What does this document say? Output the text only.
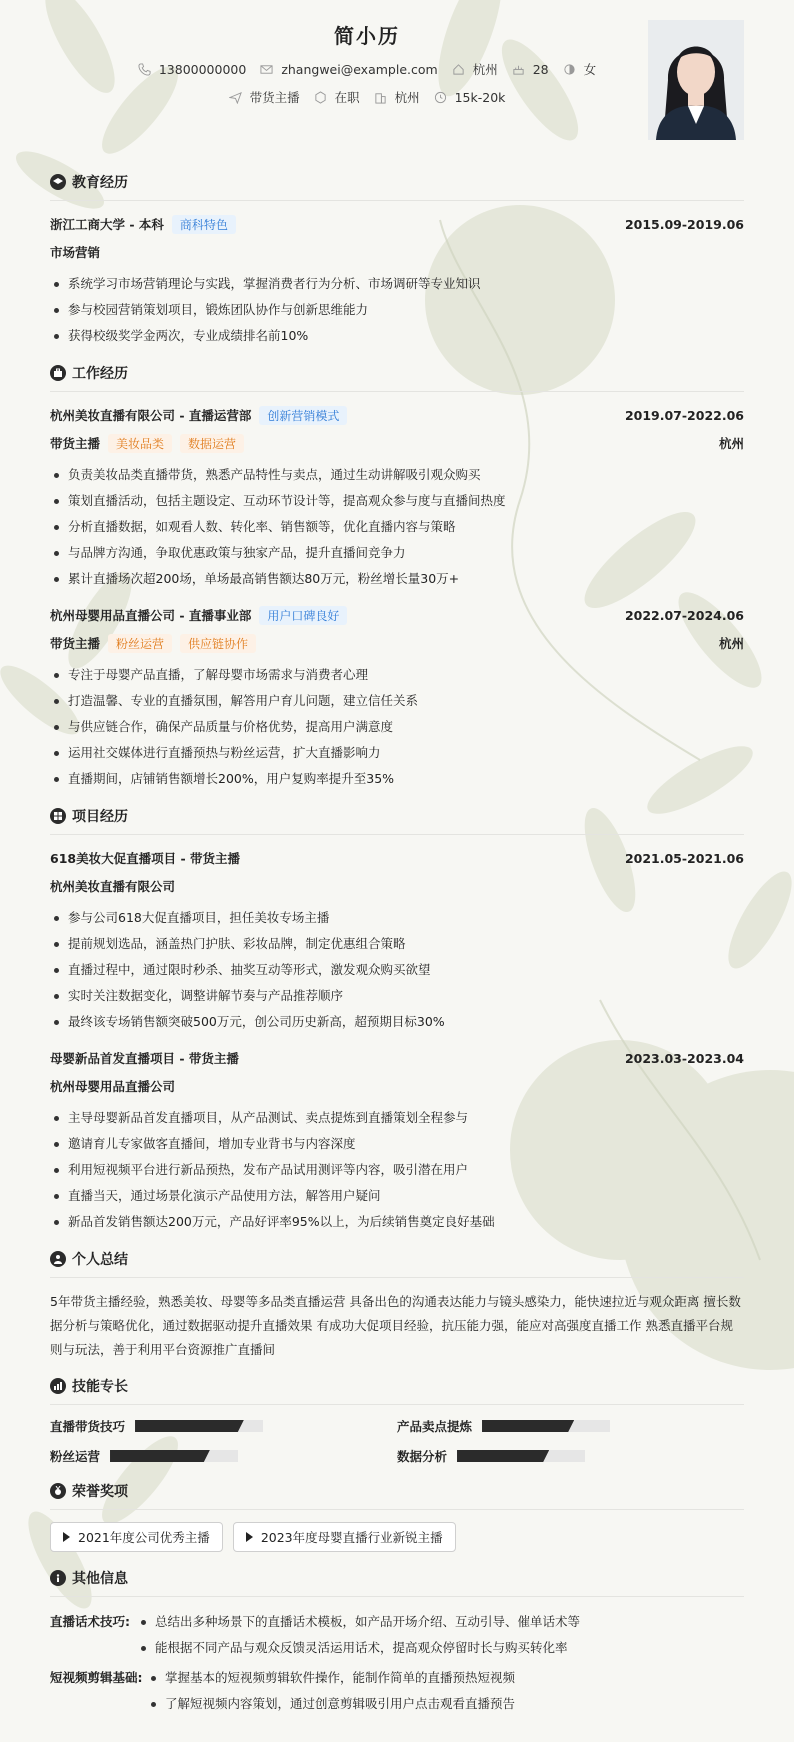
简小历
13800000000	zhangwei@example.com	杭州	28	女
带货主播	在职	杭州	15k-20k
教育经历
浙江工商大学 - 本科	商科特色	2015.09-2019.06
市场营销
系统学习市场营销理论与实践，掌握消费者行为分析、市场调研等专业知识
参与校园营销策划项目，锻炼团队协作与创新思维能力
获得校级奖学金两次，专业成绩排名前10%
工作经历
杭州美妆直播有限公司 - 直播运营部	创新营销模式	2019.07-2022.06
带货主播	美妆品类	数据运营	杭州
负责美妆品类直播带货，熟悉产品特性与卖点，通过生动讲解吸引观众购买
策划直播活动，包括主题设定、互动环节设计等，提高观众参与度与直播间热度
分析直播数据，如观看人数、转化率、销售额等，优化直播内容与策略
与品牌方沟通，争取优惠政策与独家产品，提升直播间竞争力
累计直播场次超200场，单场最高销售额达80万元，粉丝增长量30万+
杭州母婴用品直播公司 - 直播事业部	用户口碑良好	2022.07-2024.06
带货主播	粉丝运营	供应链协作	杭州
专注于母婴产品直播，了解母婴市场需求与消费者心理
打造温馨、专业的直播氛围，解答用户育儿问题，建立信任关系
与供应链合作，确保产品质量与价格优势，提高用户满意度
运用社交媒体进行直播预热与粉丝运营，扩大直播影响力
直播期间，店铺销售额增长200%，用户复购率提升至35%
项目经历
618美妆大促直播项目 - 带货主播	2021.05-2021.06
杭州美妆直播有限公司
参与公司618大促直播项目，担任美妆专场主播
提前规划选品，涵盖热门护肤、彩妆品牌，制定优惠组合策略
直播过程中，通过限时秒杀、抽奖互动等形式，激发观众购买欲望
实时关注数据变化，调整讲解节奏与产品推荐顺序
最终该专场销售额突破500万元，创公司历史新高，超预期目标30%
母婴新品首发直播项目 - 带货主播	2023.03-2023.04
杭州母婴用品直播公司
主导母婴新品首发直播项目，从产品测试、卖点提炼到直播策划全程参与
邀请育儿专家做客直播间，增加专业背书与内容深度
利用短视频平台进行新品预热，发布产品试用测评等内容，吸引潜在用户
直播当天，通过场景化演示产品使用方法，解答用户疑问
新品首发销售额达200万元，产品好评率95%以上，为后续销售奠定良好基础
个人总结
5年带货主播经验，熟悉美妆、母婴等多品类直播运营 具备出色的沟通表达能力与镜头感染力，能快速拉近与观众距离 擅长数据分析与策略优化，通过数据驱动提升直播效果 有成功大促项目经验，抗压能力强，能应对高强度直播工作 熟悉直播平台规则与玩法，善于利用平台资源推广直播间
技能专长
直播带货技巧	产品卖点提炼
粉丝运营	数据分析
荣誉奖项
2021年度公司优秀主播	2023年度母婴直播行业新锐主播
其他信息
直播话术技巧:	总结出多种场景下的直播话术模板，如产品开场介绍、互动引导、催单话术等
能根据不同产品与观众反馈灵活运用话术，提高观众停留时长与购买转化率
短视频剪辑基础:	掌握基本的短视频剪辑软件操作，能制作简单的直播预热短视频
了解短视频内容策划，通过创意剪辑吸引用户点击观看直播预告
